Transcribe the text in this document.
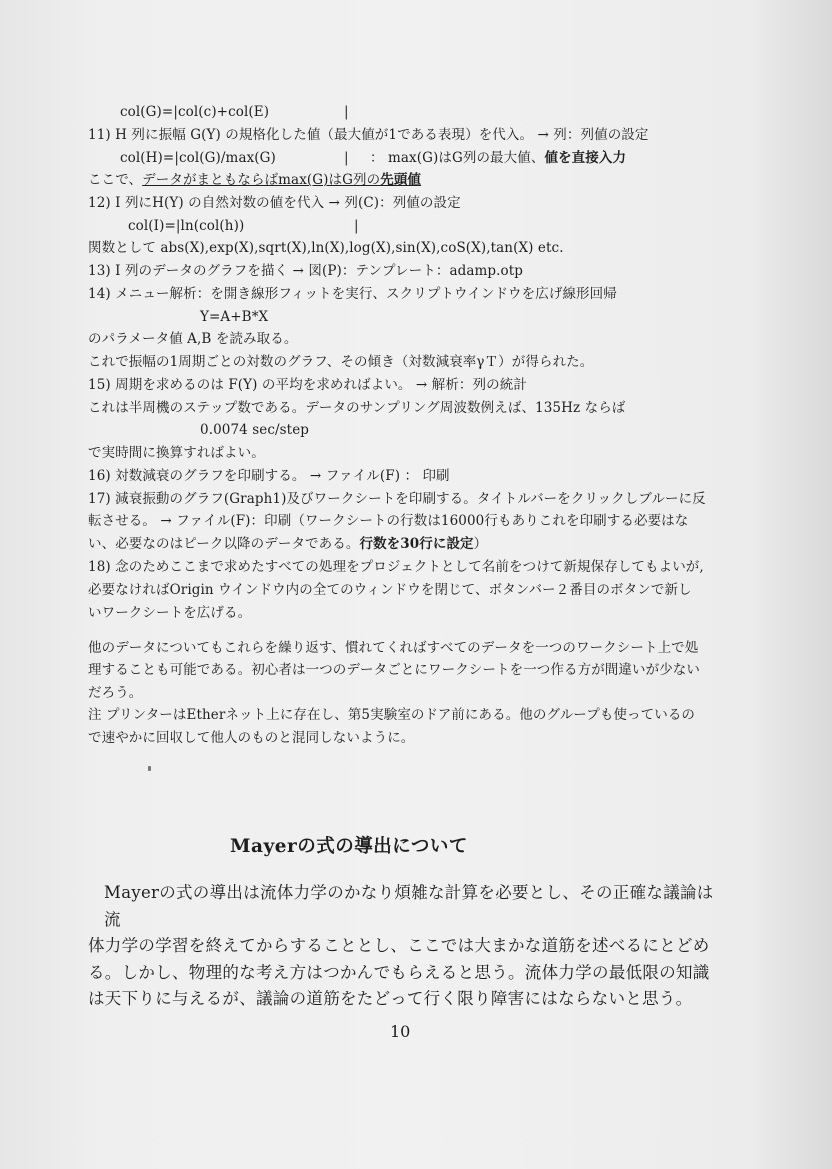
col(G)=|col(c)+col(E)	|
11) H 列に振幅 G(Y) の規格化した値（最大値が1である表現）を代入。 → 列：列値の設定
col(H)=|col(G)/max(G)	| ： max(G)はG列の最大値、値を直接入力
ここで、データがまともならばmax(G)はG列の先頭値
12) I 列にH(Y) の自然対数の値を代入 → 列(C)：列値の設定
col(I)=|ln(col(h))	|
関数として abs(X),exp(X),sqrt(X),ln(X),log(X),sin(X),coS(X),tan(X) etc.
13) I 列のデータのグラフを描く → 図(P)：テンプレート：adamp.otp
14) メニュー解析：を開き線形フィットを実行、スクリプトウインドウを広げ線形回帰
Y=A+B*X
のパラメータ値 A,B を読み取る。
これで振幅の1周期ごとの対数のグラフ、その傾き（対数減衰率γＴ）が得られた。
15) 周期を求めるのは F(Y) の平均を求めればよい。 → 解析：列の統計
これは半周機のステップ数である。データのサンプリング周波数例えば、135Hz ならば
0.0074 sec/step
で実時間に換算すればよい。
16) 対数減衰のグラフを印刷する。 → ファイル(F) ： 印刷
17) 減衰振動のグラフ(Graph1)及びワークシートを印刷する。タイトルバーをクリックしブルーに反
転させる。 → ファイル(F)：印刷（ワークシートの行数は16000行もありこれを印刷する必要はな
い、必要なのはピーク以降のデータである。行数を30行に設定）
18) 念のためここまで求めたすべての処理をプロジェクトとして名前をつけて新規保存してもよいが,
必要なければOrigin ウインドウ内の全てのウィンドウを閉じて、ボタンバー２番目のボタンで新し
いワークシートを広げる。
他のデータについてもこれらを繰り返す、慣れてくればすべてのデータを一つのワークシート上で処
理することも可能である。初心者は一つのデータごとにワークシートを一つ作る方が間違いが少ない
だろう。
注 プリンターはEtherネット上に存在し、第5実験室のドア前にある。他のグループも使っているの
で速やかに回収して他人のものと混同しないように。
Mayerの式の導出について
Mayerの式の導出は流体力学のかなり煩雑な計算を必要とし、その正確な議論は流
体力学の学習を終えてからすることとし、ここでは大まかな道筋を述べるにとどめ
る。しかし、物理的な考え方はつかんでもらえると思う。流体力学の最低限の知識
は天下りに与えるが、議論の道筋をたどって行く限り障害にはならないと思う。
10
